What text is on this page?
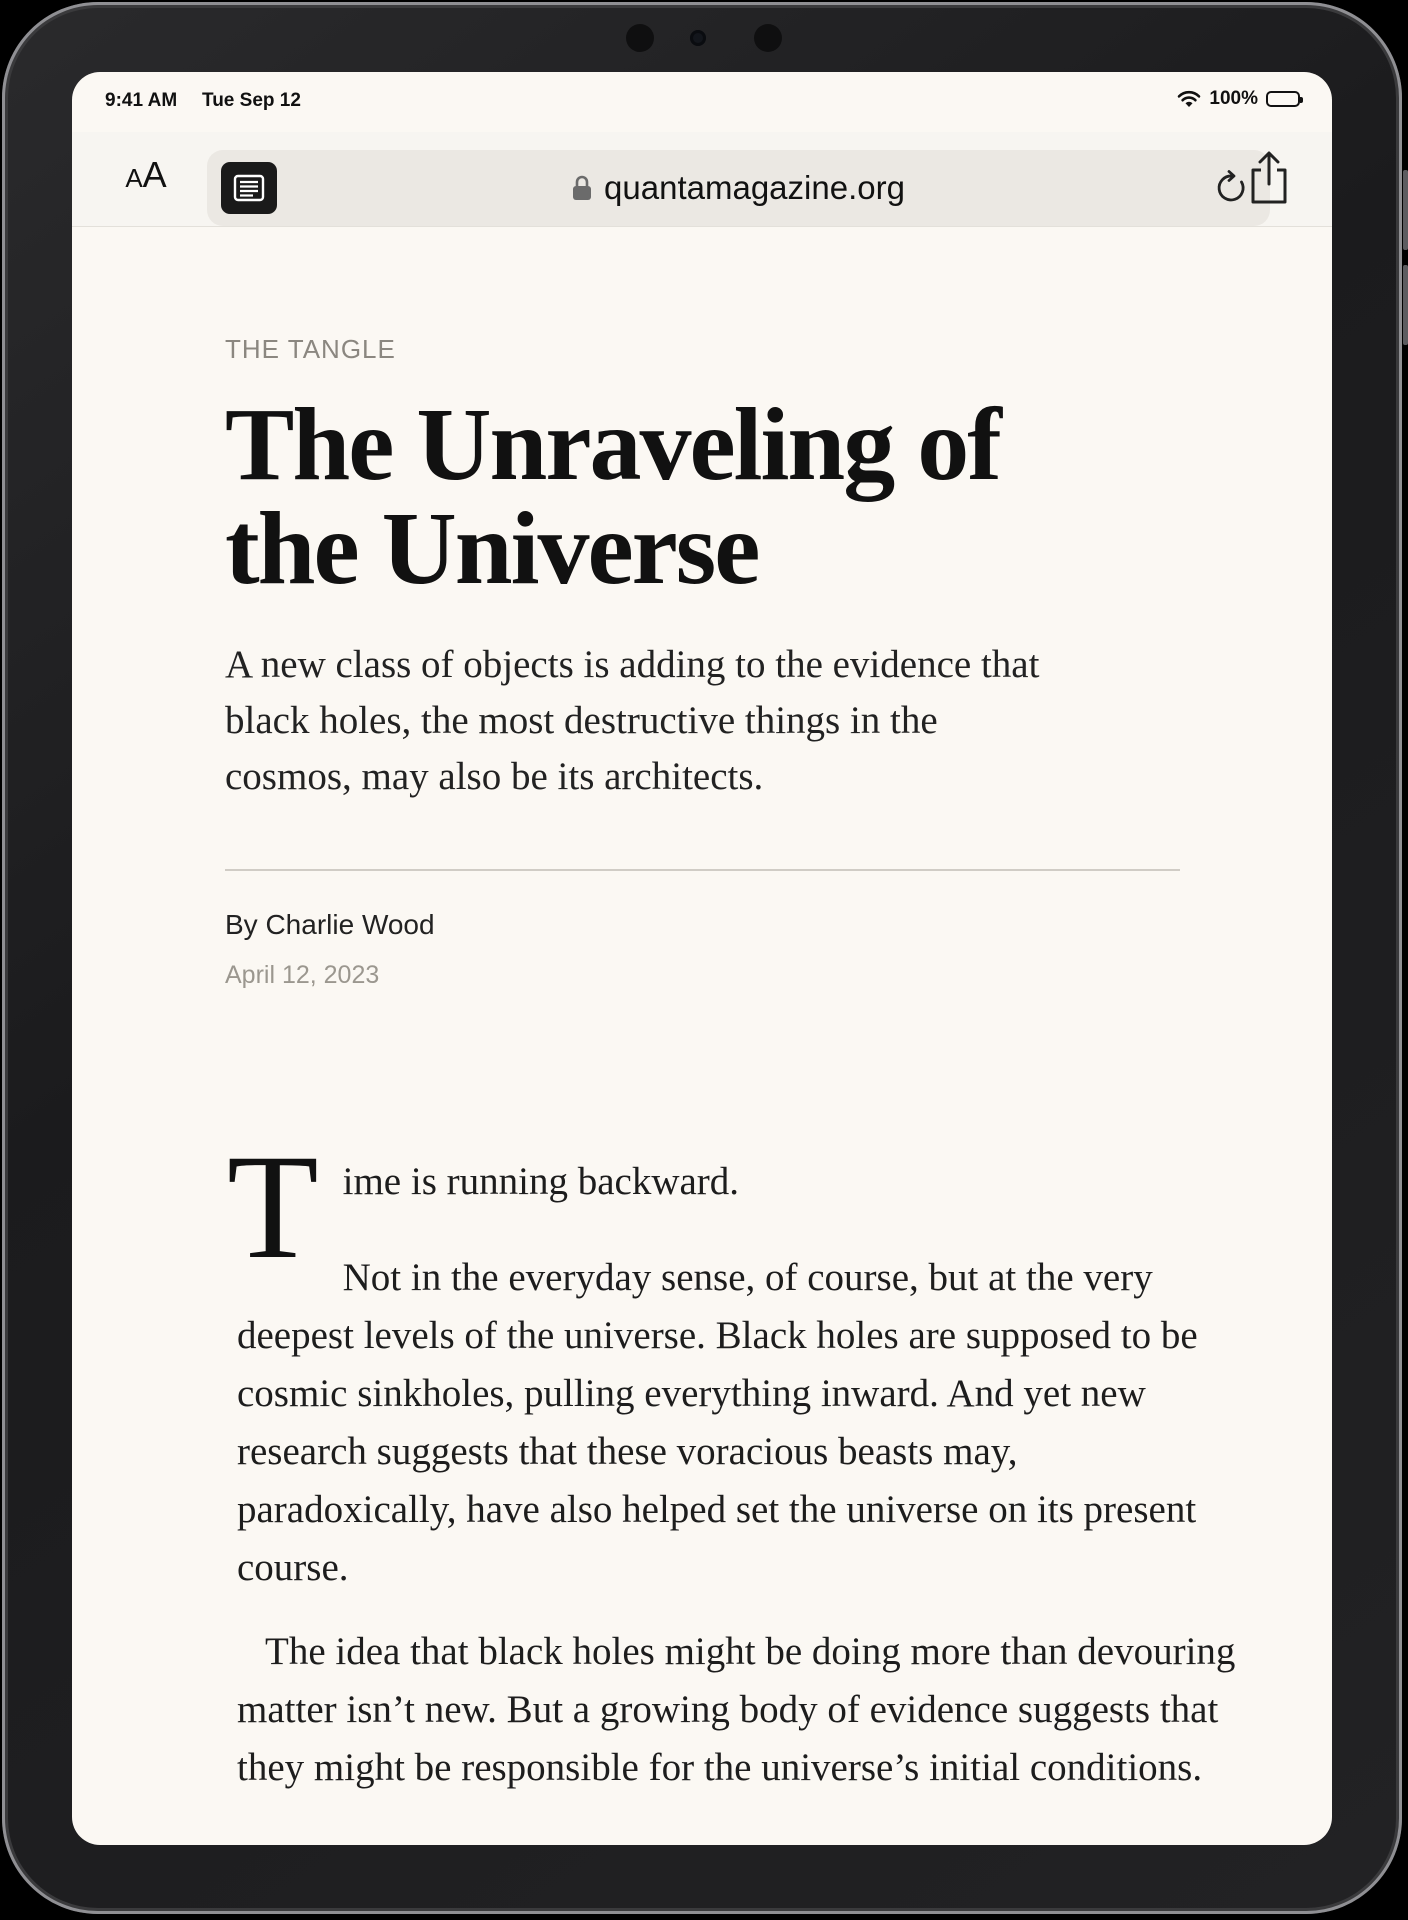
9:41 AM Tue Sep 12	100%
A A	quantamagazine.org

THE TANGLE

The Unraveling of the Universe

A new class of objects is adding to the evidence that black holes, the most destructive things in the cosmos, may also be its architects.

By Charlie Wood
April 12, 2023
T ime is running backward.
Not in the everyday sense, of course, but at the very deepest levels of the universe. Black holes are supposed to be cosmic sinkholes, pulling everything inward. And yet new research suggests that these voracious beasts may, paradoxically, have also helped set the universe on its present course.

The idea that black holes might be doing more than devouring matter isn’t new. But a growing body of evidence suggests that they might be responsible for the universe’s initial conditions.
